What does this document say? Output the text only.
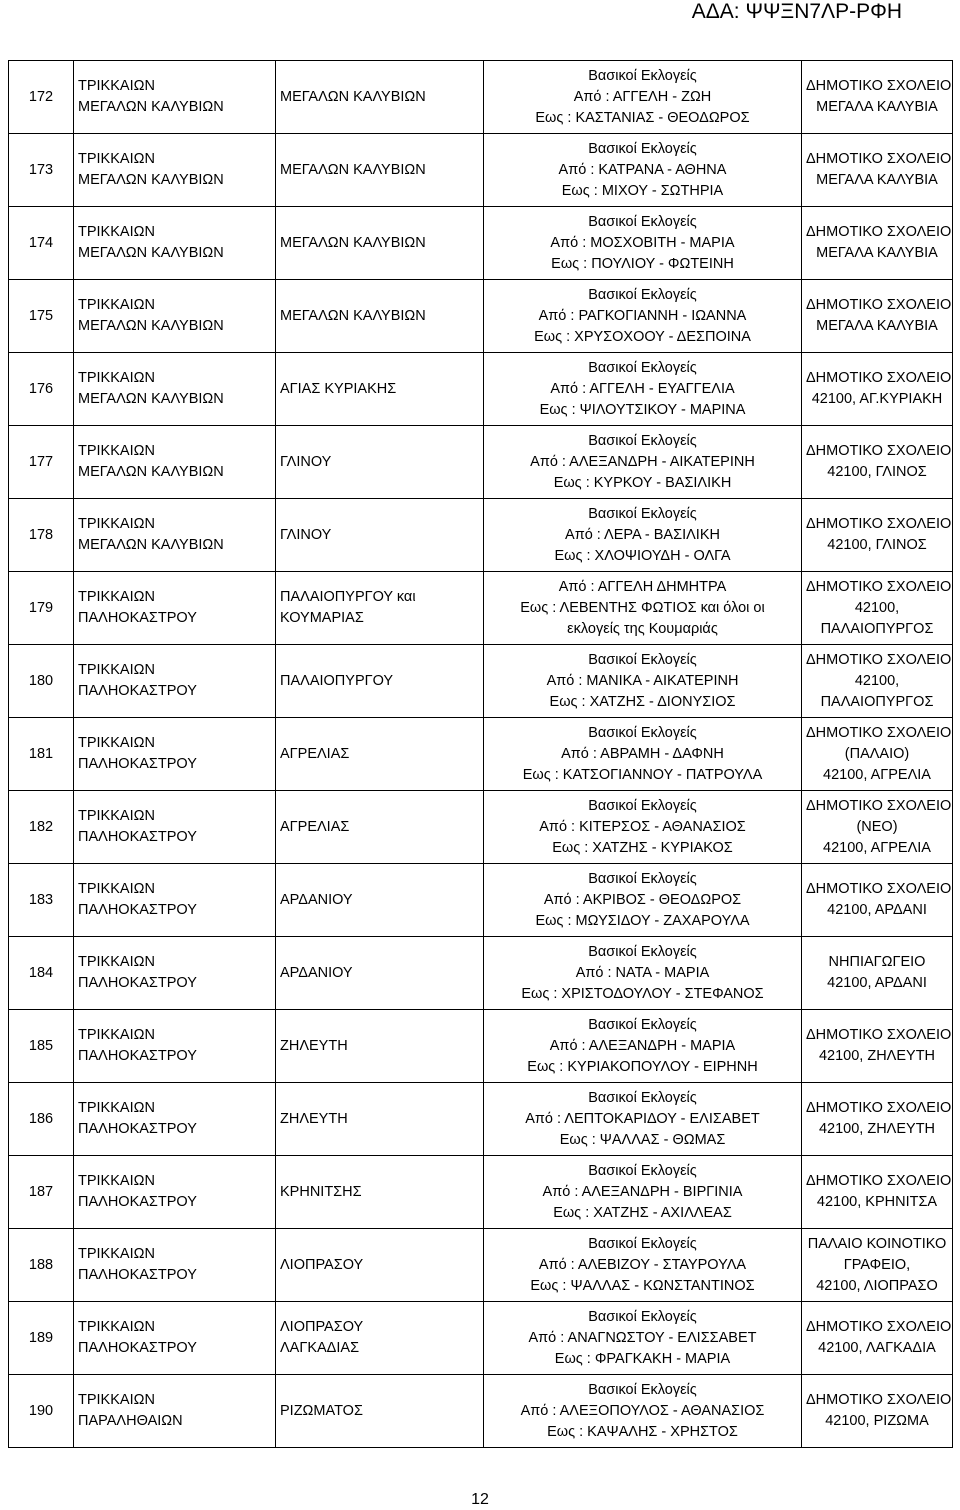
ΑΔΑ: ΨΨΞΝ7ΛΡ-ΡΦΗ
172	ΤΡΙΚΚΑΙΩΝ
ΜΕΓΑΛΩΝ ΚΑΛΥΒΙΩΝ	ΜΕΓΑΛΩΝ ΚΑΛΥΒΙΩΝ	Βασικοί Εκλογείς
Από : ΑΓΓΕΛΗ - ΖΩΗ
Εως : ΚΑΣΤΑΝΙΑΣ - ΘΕΟΔΩΡΟΣ	ΔΗΜΟΤΙΚΟ ΣΧΟΛΕΙΟ
ΜΕΓΑΛΑ ΚΑΛΥΒΙΑ

173	ΤΡΙΚΚΑΙΩΝ
ΜΕΓΑΛΩΝ ΚΑΛΥΒΙΩΝ	ΜΕΓΑΛΩΝ ΚΑΛΥΒΙΩΝ	Βασικοί Εκλογείς
Από : ΚΑΤΡΑΝΑ - ΑΘΗΝΑ
Εως : ΜΙΧΟΥ - ΣΩΤΗΡΙΑ	ΔΗΜΟΤΙΚΟ ΣΧΟΛΕΙΟ
ΜΕΓΑΛΑ ΚΑΛΥΒΙΑ

174	ΤΡΙΚΚΑΙΩΝ
ΜΕΓΑΛΩΝ ΚΑΛΥΒΙΩΝ	ΜΕΓΑΛΩΝ ΚΑΛΥΒΙΩΝ	Βασικοί Εκλογείς
Από : ΜΟΣΧΟΒΙΤΗ - ΜΑΡΙΑ
Εως : ΠΟΥΛΙΟΥ - ΦΩΤΕΙΝΗ	ΔΗΜΟΤΙΚΟ ΣΧΟΛΕΙΟ
ΜΕΓΑΛΑ ΚΑΛΥΒΙΑ

175	ΤΡΙΚΚΑΙΩΝ
ΜΕΓΑΛΩΝ ΚΑΛΥΒΙΩΝ	ΜΕΓΑΛΩΝ ΚΑΛΥΒΙΩΝ	Βασικοί Εκλογείς
Από : ΡΑΓΚΟΓΙΑΝΝΗ - ΙΩΑΝΝΑ
Εως : ΧΡΥΣΟΧΟΟΥ - ΔΕΣΠΟΙΝΑ	ΔΗΜΟΤΙΚΟ ΣΧΟΛΕΙΟ
ΜΕΓΑΛΑ ΚΑΛΥΒΙΑ

176	ΤΡΙΚΚΑΙΩΝ
ΜΕΓΑΛΩΝ ΚΑΛΥΒΙΩΝ	ΑΓΙΑΣ ΚΥΡΙΑΚΗΣ	Βασικοί Εκλογείς
Από : ΑΓΓΕΛΗ - ΕΥΑΓΓΕΛΙΑ
Εως : ΨΙΛΟΥΤΣΙΚΟΥ - ΜΑΡΙΝΑ	ΔΗΜΟΤΙΚΟ ΣΧΟΛΕΙΟ
42100, ΑΓ.ΚΥΡΙΑΚΗ

177	ΤΡΙΚΚΑΙΩΝ
ΜΕΓΑΛΩΝ ΚΑΛΥΒΙΩΝ	ΓΛΙΝΟΥ	Βασικοί Εκλογείς
Από : ΑΛΕΞΑΝΔΡΗ - ΑΙΚΑΤΕΡΙΝΗ
Εως : ΚΥΡΚΟΥ - ΒΑΣΙΛΙΚΗ	ΔΗΜΟΤΙΚΟ ΣΧΟΛΕΙΟ
42100, ΓΛΙΝΟΣ

178	ΤΡΙΚΚΑΙΩΝ
ΜΕΓΑΛΩΝ ΚΑΛΥΒΙΩΝ	ΓΛΙΝΟΥ	Βασικοί Εκλογείς
Από : ΛΕΡΑ - ΒΑΣΙΛΙΚΗ
Εως : ΧΛΟΨΙΟΥΔΗ - ΟΛΓΑ	ΔΗΜΟΤΙΚΟ ΣΧΟΛΕΙΟ
42100, ΓΛΙΝΟΣ

179	ΤΡΙΚΚΑΙΩΝ
ΠΑΛΗΟΚΑΣΤΡΟΥ	ΠΑΛΑΙΟΠΥΡΓΟΥ και
ΚΟΥΜΑΡΙΑΣ	Από : ΑΓΓΕΛΗ ΔΗΜΗΤΡΑ
Εως : ΛΕΒΕΝΤΗΣ ΦΩΤΙΟΣ και όλοι οι
εκλογείς της Κουμαριάς	ΔΗΜΟΤΙΚΟ ΣΧΟΛΕΙΟ
42100,
ΠΑΛΑΙΟΠΥΡΓΟΣ

180	ΤΡΙΚΚΑΙΩΝ
ΠΑΛΗΟΚΑΣΤΡΟΥ	ΠΑΛΑΙΟΠΥΡΓΟΥ	Βασικοί Εκλογείς
Από : ΜΑΝΙΚΑ - ΑΙΚΑΤΕΡΙΝΗ
Εως : ΧΑΤΖΗΣ - ΔΙΟΝΥΣΙΟΣ	ΔΗΜΟΤΙΚΟ ΣΧΟΛΕΙΟ
42100,
ΠΑΛΑΙΟΠΥΡΓΟΣ

181	ΤΡΙΚΚΑΙΩΝ
ΠΑΛΗΟΚΑΣΤΡΟΥ	ΑΓΡΕΛΙΑΣ	Βασικοί Εκλογείς
Από : ΑΒΡΑΜΗ - ΔΑΦΝΗ
Εως : ΚΑΤΣΟΓΙΑΝΝΟΥ - ΠΑΤΡΟΥΛΑ	ΔΗΜΟΤΙΚΟ ΣΧΟΛΕΙΟ
(ΠΑΛΑΙΟ)
42100, ΑΓΡΕΛΙΑ

182	ΤΡΙΚΚΑΙΩΝ
ΠΑΛΗΟΚΑΣΤΡΟΥ	ΑΓΡΕΛΙΑΣ	Βασικοί Εκλογείς
Από : ΚΙΤΕΡΣΟΣ - ΑΘΑΝΑΣΙΟΣ
Εως : ΧΑΤΖΗΣ - ΚΥΡΙΑΚΟΣ	ΔΗΜΟΤΙΚΟ ΣΧΟΛΕΙΟ
(ΝΕΟ)
42100, ΑΓΡΕΛΙΑ

183	ΤΡΙΚΚΑΙΩΝ
ΠΑΛΗΟΚΑΣΤΡΟΥ	ΑΡΔΑΝΙΟΥ	Βασικοί Εκλογείς
Από : ΑΚΡΙΒΟΣ - ΘΕΟΔΩΡΟΣ
Εως : ΜΩΥΣΙΔΟΥ - ΖΑΧΑΡΟΥΛΑ	ΔΗΜΟΤΙΚΟ ΣΧΟΛΕΙΟ
42100, ΑΡΔΑΝΙ

184	ΤΡΙΚΚΑΙΩΝ
ΠΑΛΗΟΚΑΣΤΡΟΥ	ΑΡΔΑΝΙΟΥ	Βασικοί Εκλογείς
Από : ΝΑΤΑ - ΜΑΡΙΑ
Εως : ΧΡΙΣΤΟΔΟΥΛΟΥ - ΣΤΕΦΑΝΟΣ	ΝΗΠΙΑΓΩΓΕΙΟ
42100, ΑΡΔΑΝΙ

185	ΤΡΙΚΚΑΙΩΝ
ΠΑΛΗΟΚΑΣΤΡΟΥ	ΖΗΛΕΥΤΗ	Βασικοί Εκλογείς
Από : ΑΛΕΞΑΝΔΡΗ - ΜΑΡΙΑ
Εως : ΚΥΡΙΑΚΟΠΟΥΛΟΥ - ΕΙΡΗΝΗ	ΔΗΜΟΤΙΚΟ ΣΧΟΛΕΙΟ
42100, ΖΗΛΕΥΤΗ

186	ΤΡΙΚΚΑΙΩΝ
ΠΑΛΗΟΚΑΣΤΡΟΥ	ΖΗΛΕΥΤΗ	Βασικοί Εκλογείς
Από : ΛΕΠΤΟΚΑΡΙΔΟΥ - ΕΛΙΣΑΒΕΤ
Εως : ΨΑΛΛΑΣ - ΘΩΜΑΣ	ΔΗΜΟΤΙΚΟ ΣΧΟΛΕΙΟ
42100, ΖΗΛΕΥΤΗ

187	ΤΡΙΚΚΑΙΩΝ
ΠΑΛΗΟΚΑΣΤΡΟΥ	ΚΡΗΝΙΤΣΗΣ	Βασικοί Εκλογείς
Από : ΑΛΕΞΑΝΔΡΗ - ΒΙΡΓΙΝΙΑ
Εως : ΧΑΤΖΗΣ - ΑΧΙΛΛΕΑΣ	ΔΗΜΟΤΙΚΟ ΣΧΟΛΕΙΟ
42100, ΚΡΗΝΙΤΣΑ

188	ΤΡΙΚΚΑΙΩΝ
ΠΑΛΗΟΚΑΣΤΡΟΥ	ΛΙΟΠΡΑΣΟΥ	Βασικοί Εκλογείς
Από : ΑΛΕΒΙΖΟΥ - ΣΤΑΥΡΟΥΛΑ
Εως : ΨΑΛΛΑΣ - ΚΩΝΣΤΑΝΤΙΝΟΣ	ΠΑΛΑΙΟ ΚΟΙΝΟΤΙΚΟ
ΓΡΑΦΕΙΟ,
42100, ΛΙΟΠΡΑΣΟ

189	ΤΡΙΚΚΑΙΩΝ
ΠΑΛΗΟΚΑΣΤΡΟΥ	ΛΙΟΠΡΑΣΟΥ
ΛΑΓΚΑΔΙΑΣ	Βασικοί Εκλογείς
Από : ΑΝΑΓΝΩΣΤΟΥ - ΕΛΙΣΣΑΒΕΤ
Εως : ΦΡΑΓΚΑΚΗ - ΜΑΡΙΑ	ΔΗΜΟΤΙΚΟ ΣΧΟΛΕΙΟ
42100, ΛΑΓΚΑΔΙΑ

190	ΤΡΙΚΚΑΙΩΝ
ΠΑΡΑΛΗΘΑΙΩΝ	ΡΙΖΩΜΑΤΟΣ	Βασικοί Εκλογείς
Από : ΑΛΕΞΟΠΟΥΛΟΣ - ΑΘΑΝΑΣΙΟΣ
Εως : ΚΑΨΑΛΗΣ - ΧΡΗΣΤΟΣ	ΔΗΜΟΤΙΚΟ ΣΧΟΛΕΙΟ
42100, ΡΙΖΩΜΑ
12
